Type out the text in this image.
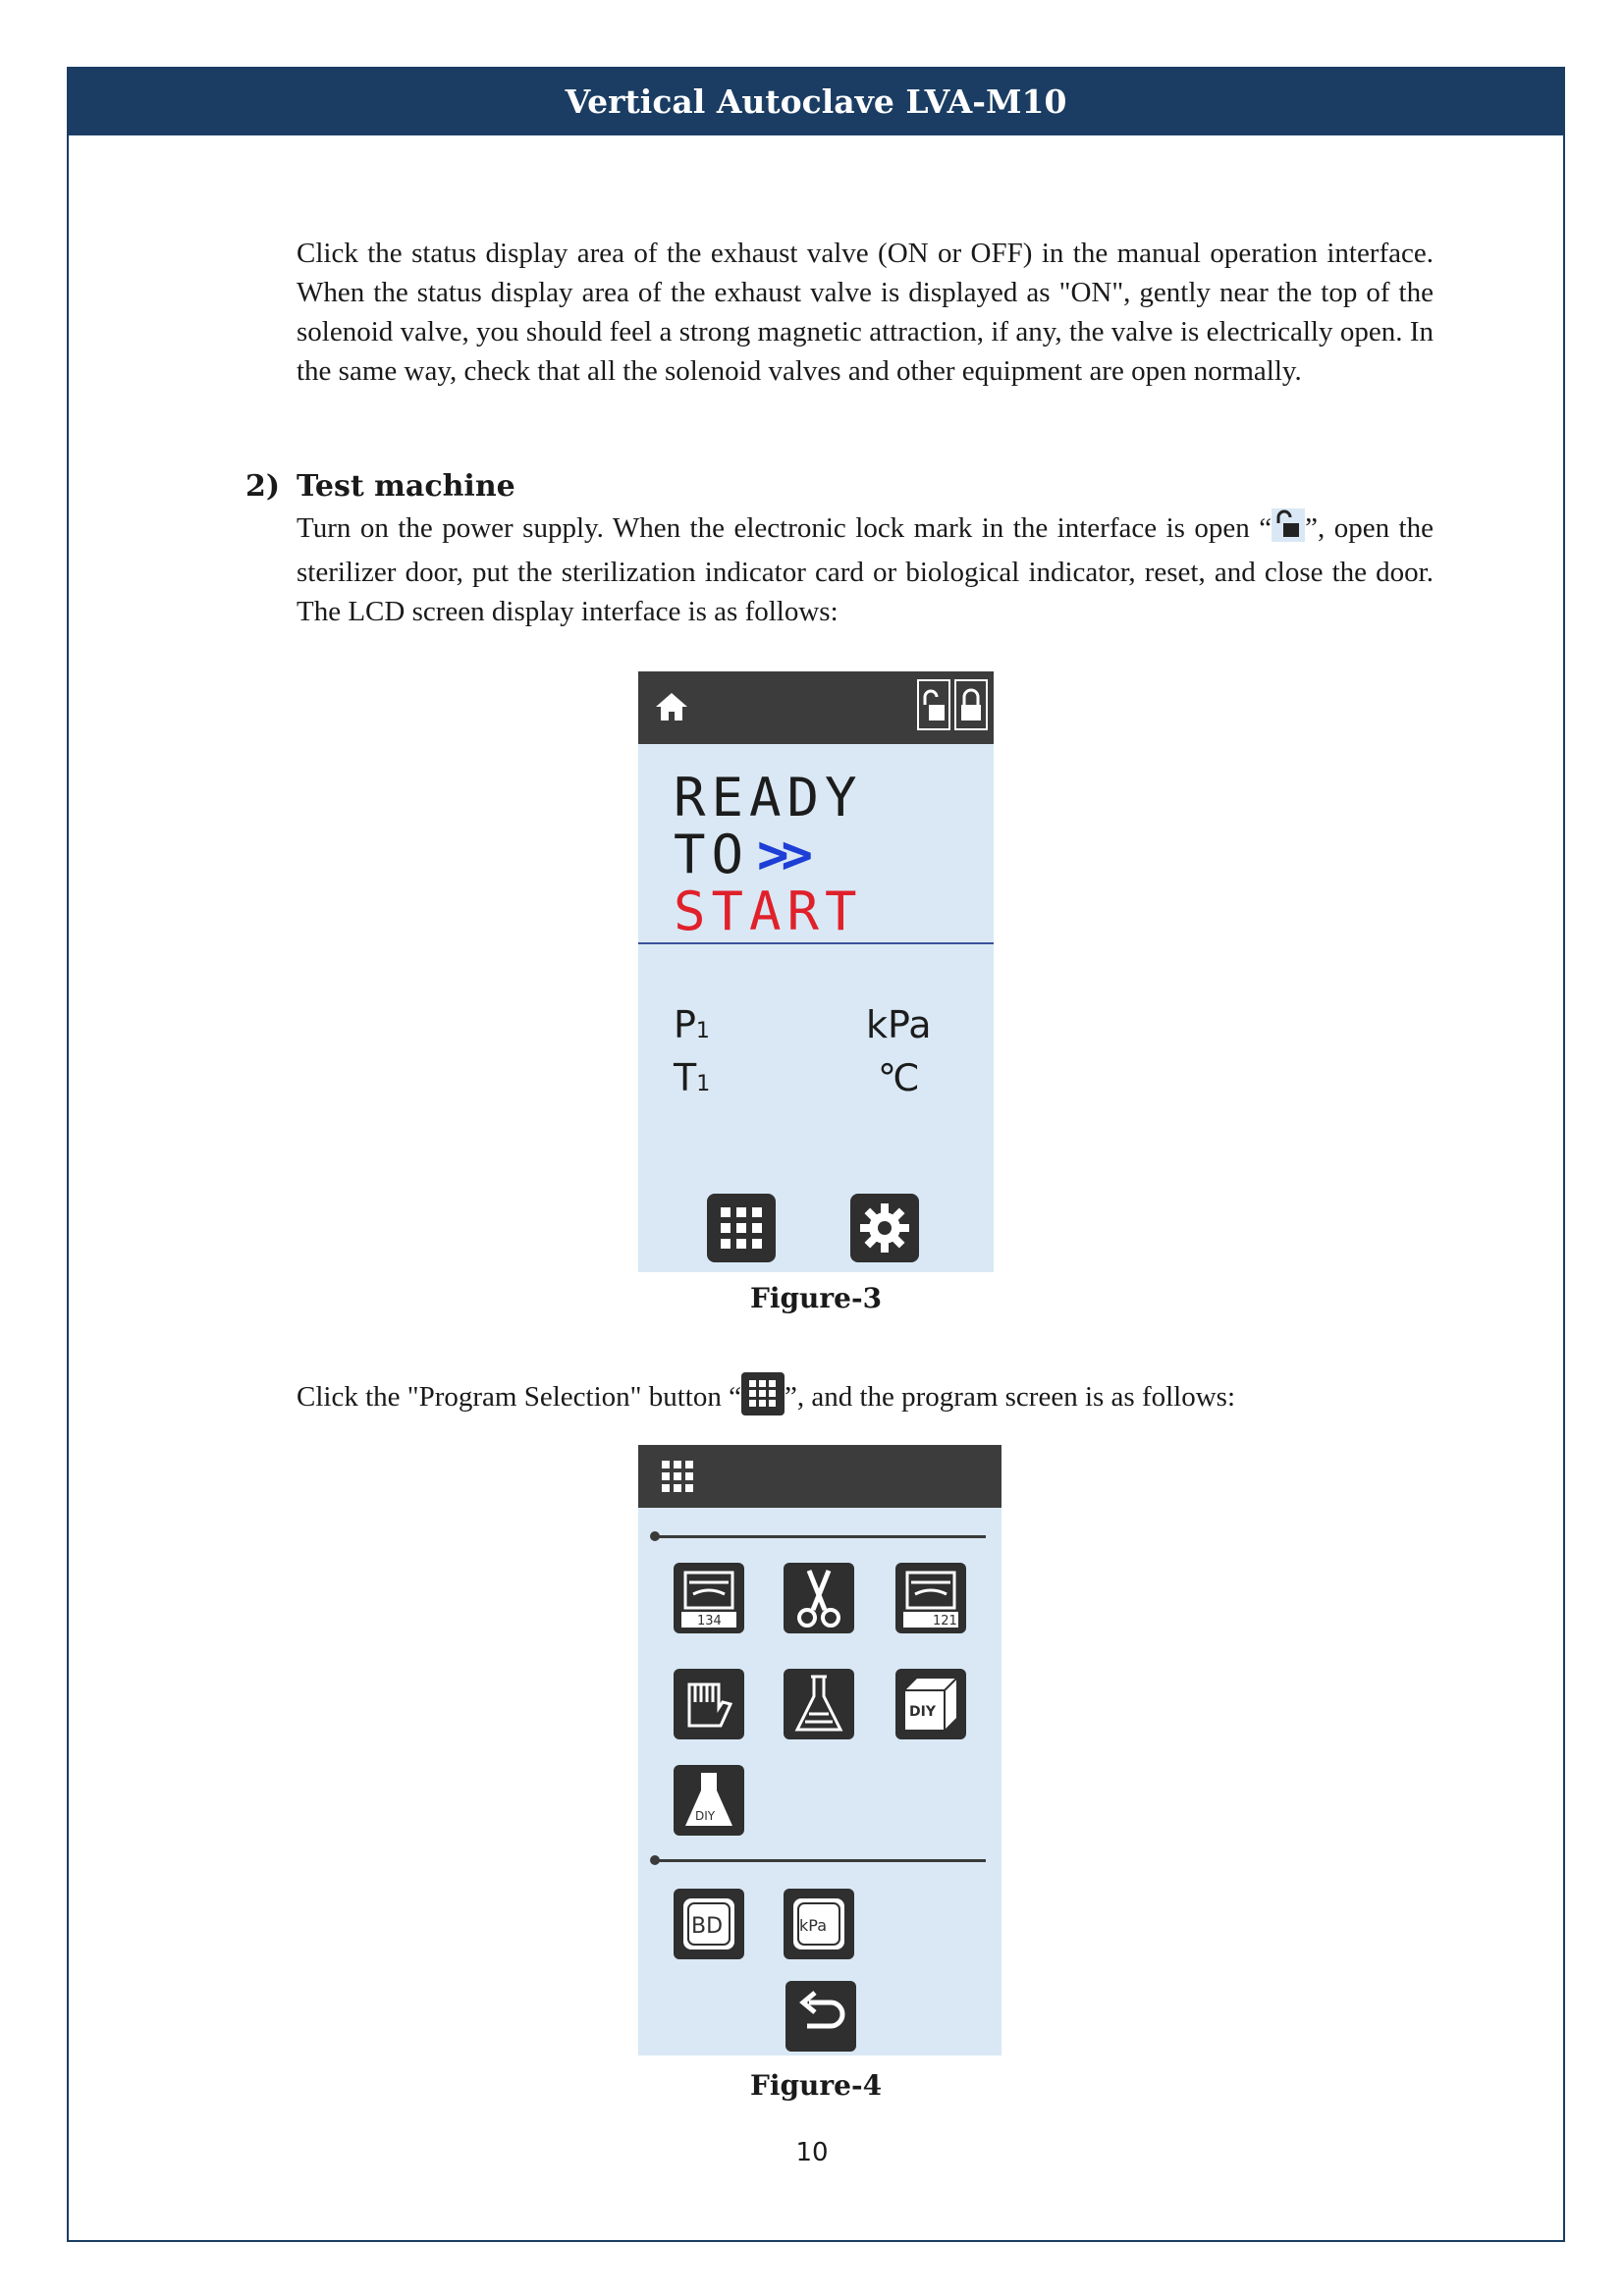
Vertical Autoclave LVA-M10

Click the status display area of the exhaust valve (ON or OFF) in the manual operation interface. When the status display area of the exhaust valve is displayed as "ON", gently near the top of the solenoid valve, you should feel a strong magnetic attraction, if any, the valve is electrically open. In the same way, check that all the solenoid valves and other equipment are open normally.

2) Test machine

Turn on the power supply. When the electronic lock mark in the interface is open “ ”, open the sterilizer door, put the sterilization indicator card or biological indicator, reset, and close the door. The LCD screen display interface is as follows:

READY
TO >>
START
P1	kPa
T1	℃
Figure-3

Click the "Program Selection" button “ ”, and the program screen is as follows:

134	121
DIY
DIY
BD	kPa
Figure-4
10
